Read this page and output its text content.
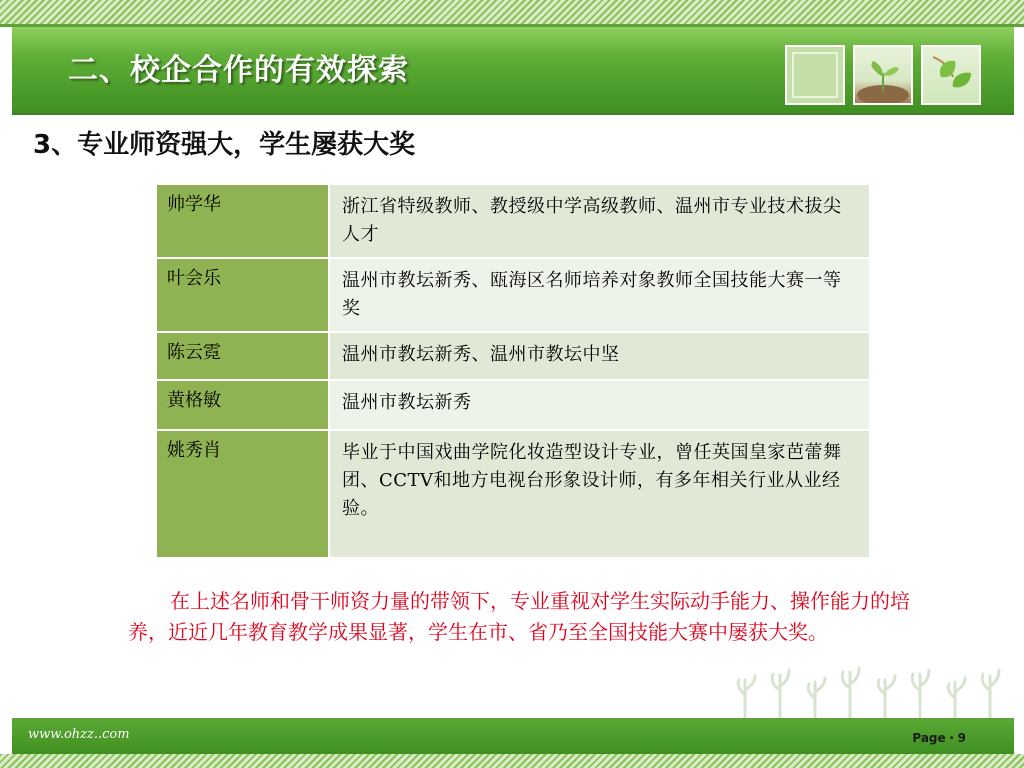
二、校企合作的有效探索
3、专业师资强大，学生屡获大奖
帅学华	浙江省特级教师、教授级中学高级教师、温州市专业技术拔尖人才
叶会乐	温州市教坛新秀、瓯海区名师培养对象教师全国技能大赛一等奖
陈云霓	温州市教坛新秀、温州市教坛中坚
黄格敏	温州市教坛新秀
姚秀肖	毕业于中国戏曲学院化妆造型设计专业，曾任英国皇家芭蕾舞团、CCTV和地方电视台形象设计师，有多年相关行业从业经验。
在上述名师和骨干师资力量的带领下，专业重视对学生实际动手能力、操作能力的培养，近近几年教育教学成果显著，学生在市、省乃至全国技能大赛中屡获大奖。
www.ohzz..com	Page・9
